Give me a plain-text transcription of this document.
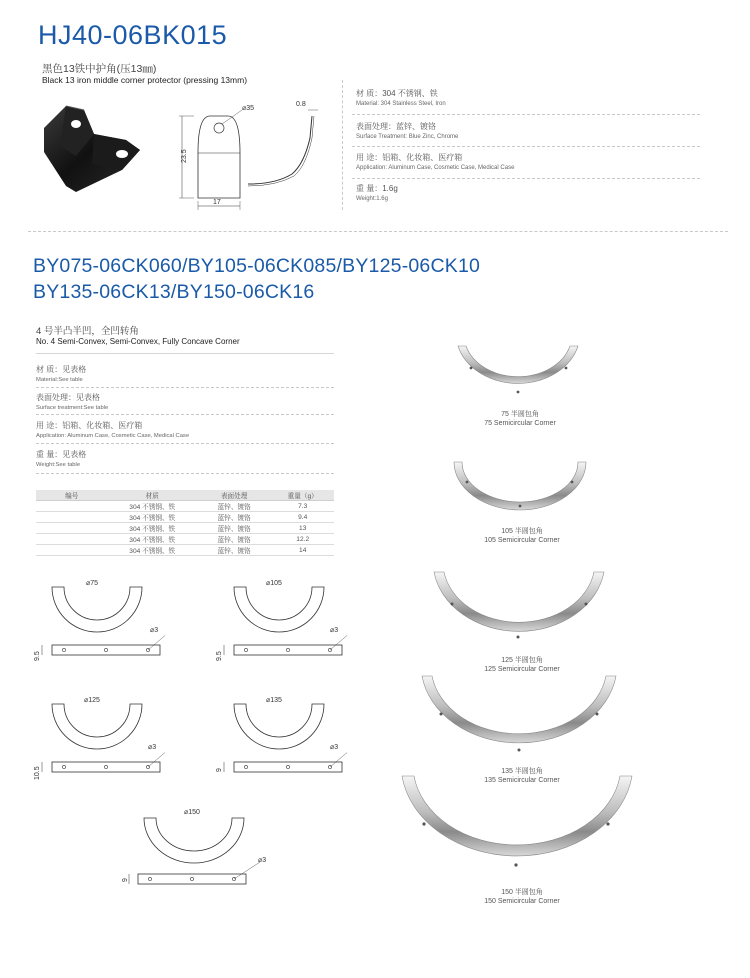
HJ40-06BK015
黑色13铁中护角(压13㎜)
Black 13 iron middle corner protector (pressing 13mm)
23.5
17
⌀35
0.8
材 质：304 不锈钢、铁
Material: 304 Stainless Steel, Iron
表面处理：蓝锌、镀铬
Surface Treatment: Blue Zinc, Chrome
用 途：铝箱、化妆箱、医疗箱
Application: Aluminum Case, Cosmetic Case, Medical Case
重 量：1.6g
Weight:1.6g
BY075-06CK060/BY105-06CK085/BY125-06CK10
BY135-06CK13/BY150-06CK16
4 号半凸半凹，全凹转角
No. 4 Semi-Convex, Semi-Convex, Fully Concave Corner
材 质：见表格
Material:See table
表面处理：见表格
Surface treatment:See table
用 途：铝箱、化妆箱、医疗箱
Application: Aluminum Case, Cosmetic Case, Medical Case
重 量：见表格
Weight:See table
编号	材质	表面处理	重量（g）
	304 不锈钢、铁	蓝锌、镀铬	7.3
	304 不锈钢、铁	蓝锌、镀铬	9.4
	304 不锈钢、铁	蓝锌、镀铬	13
	304 不锈钢、铁	蓝锌、镀铬	12.2
	304 不锈钢、铁	蓝锌、镀铬	14
⌀75
⌀3
9.5
⌀105
⌀3
9.5
⌀125
⌀3
10.5
⌀135
⌀3
9
⌀150
⌀3
9
75 半圆包角
75 Semicircular Corner
105 半圆包角
105 Semicircular Corner
125 半圆包角
125 Semicircular Corner
135 半圆包角
135 Semicircular Corner
150 半圆包角
150 Semicircular Corner
